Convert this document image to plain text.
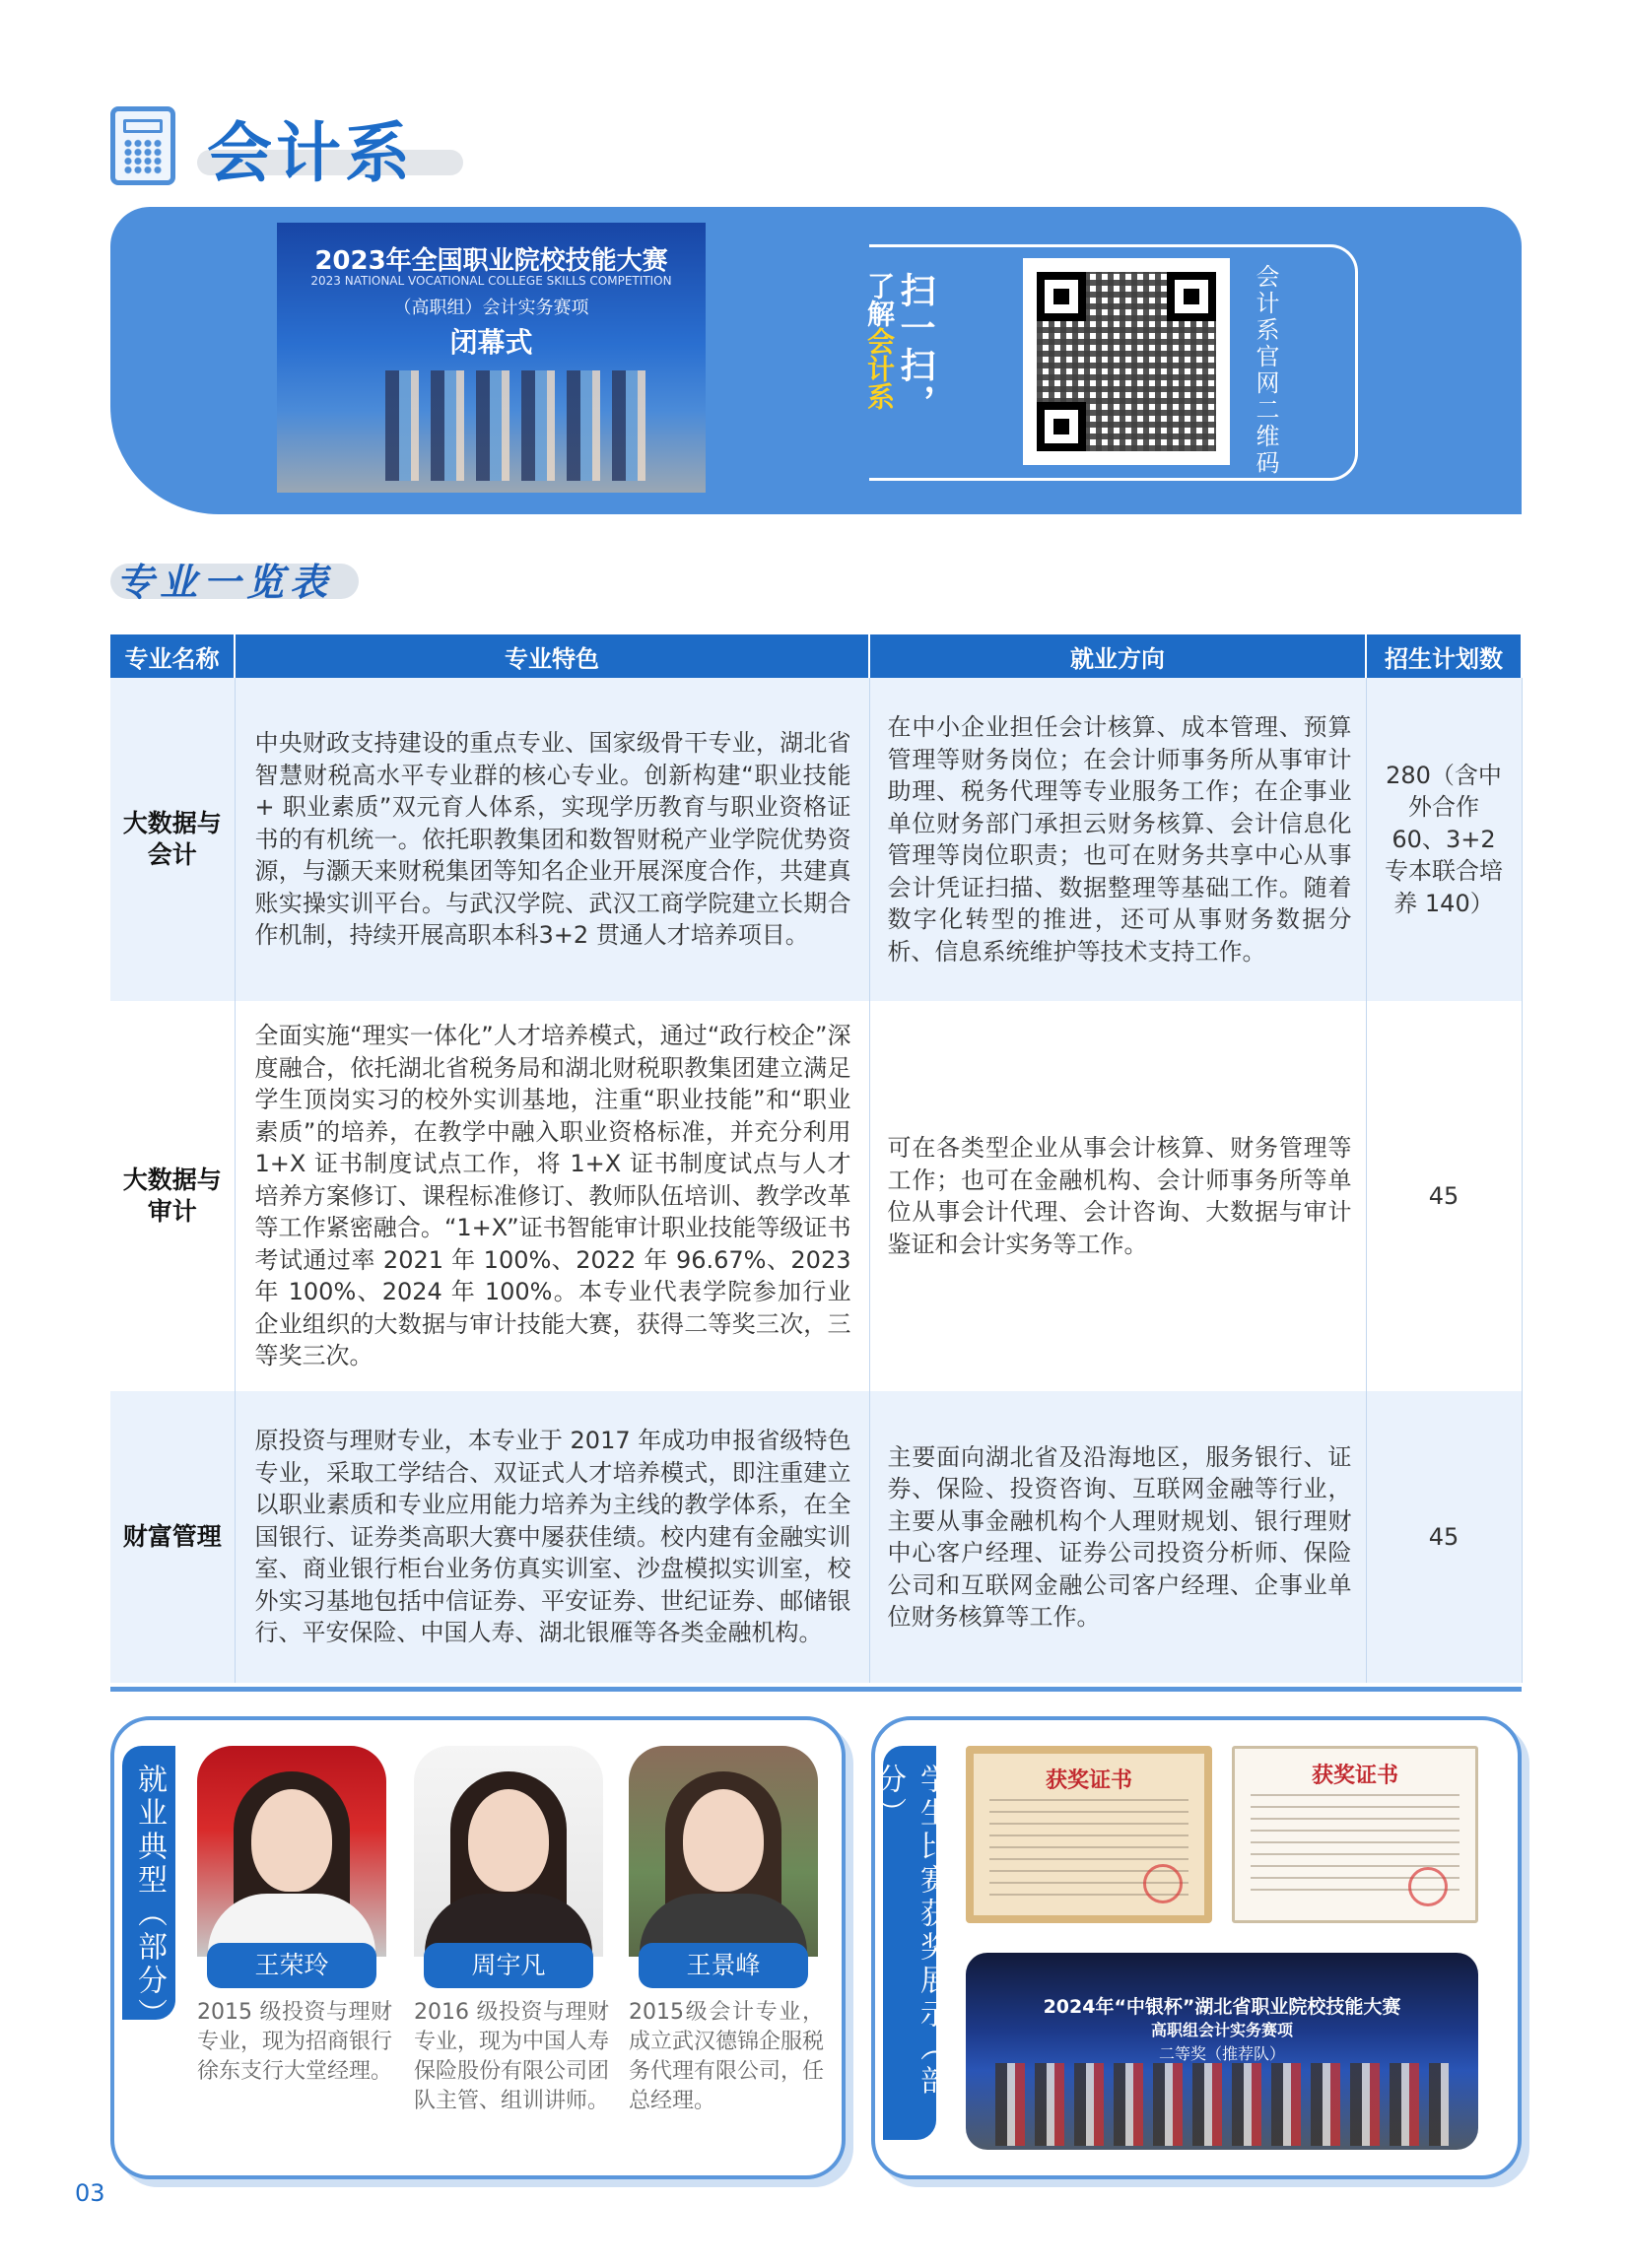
会计系
2023年全国职业院校技能大赛
2023 NATIONAL VOCATIONAL COLLEGE SKILLS COMPETITION
（高职组）会计实务赛项
闭幕式	扫一扫，
了解会计系	会计系官网二维码
专业一览表
专业名称	专业特色	就业方向	招生计划数
大数据与会计	中央财政支持建设的重点专业、国家级骨干专业，湖北省智慧财税高水平专业群的核心专业。创新构建“职业技能 + 职业素质”双元育人体系，实现学历教育与职业资格证书的有机统一。依托职教集团和数智财税产业学院优势资源，与灏天来财税集团等知名企业开展深度合作，共建真账实操实训平台。与武汉学院、武汉工商学院建立长期合作机制，持续开展高职本科3+2 贯通人才培养项目。	在中小企业担任会计核算、成本管理、预算管理等财务岗位；在会计师事务所从事审计助理、税务代理等专业服务工作；在企事业单位财务部门承担云财务核算、会计信息化管理等岗位职责；也可在财务共享中心从事会计凭证扫描、数据整理等基础工作。随着数字化转型的推进，还可从事财务数据分析、信息系统维护等技术支持工作。	280（含中外合作 60、3+2 专本联合培养 140）
大数据与审计	全面实施“理实一体化”人才培养模式，通过“政行校企”深度融合，依托湖北省税务局和湖北财税职教集团建立满足学生顶岗实习的校外实训基地，注重“职业技能”和“职业素质”的培养，在教学中融入职业资格标准，并充分利用 1+X 证书制度试点工作，将 1+X 证书制度试点与人才培养方案修订、课程标准修订、教师队伍培训、教学改革等工作紧密融合。“1+X”证书智能审计职业技能等级证书考试通过率 2021 年 100%、2022 年 96.67%、2023 年 100%、2024 年 100%。本专业代表学院参加行业企业组织的大数据与审计技能大赛，获得二等奖三次，三等奖三次。	可在各类型企业从事会计核算、财务管理等工作；也可在金融机构、会计师事务所等单位从事会计代理、会计咨询、大数据与审计鉴证和会计实务等工作。	45
财富管理	原投资与理财专业，本专业于 2017 年成功申报省级特色专业，采取工学结合、双证式人才培养模式，即注重建立以职业素质和专业应用能力培养为主线的教学体系，在全国银行、证券类高职大赛中屡获佳绩。校内建有金融实训室、商业银行柜台业务仿真实训室、沙盘模拟实训室，校外实习基地包括中信证券、平安证券、世纪证券、邮储银行、平安保险、中国人寿、湖北银雁等各类金融机构。	主要面向湖北省及沿海地区，服务银行、证券、保险、投资咨询、互联网金融等行业，主要从事金融机构个人理财规划、银行理财中心客户经理、证券公司投资分析师、保险公司和互联网金融公司客户经理、企事业单位财务核算等工作。	45
就业典型（部分）	王荣玲
2015 级投资与理财专业，现为招商银行徐东支行大堂经理。
周宇凡
2016 级投资与理财专业，现为中国人寿保险股份有限公司团队主管、组训讲师。
王景峰
2015级会计专业，成立武汉德锦企服税务代理有限公司，任总经理。
学生比赛获奖展示（部分）	获奖证书	获奖证书
2024年“中银杯”湖北省职业院校技能大赛
高职组会计实务赛项
二等奖（推荐队）
03
